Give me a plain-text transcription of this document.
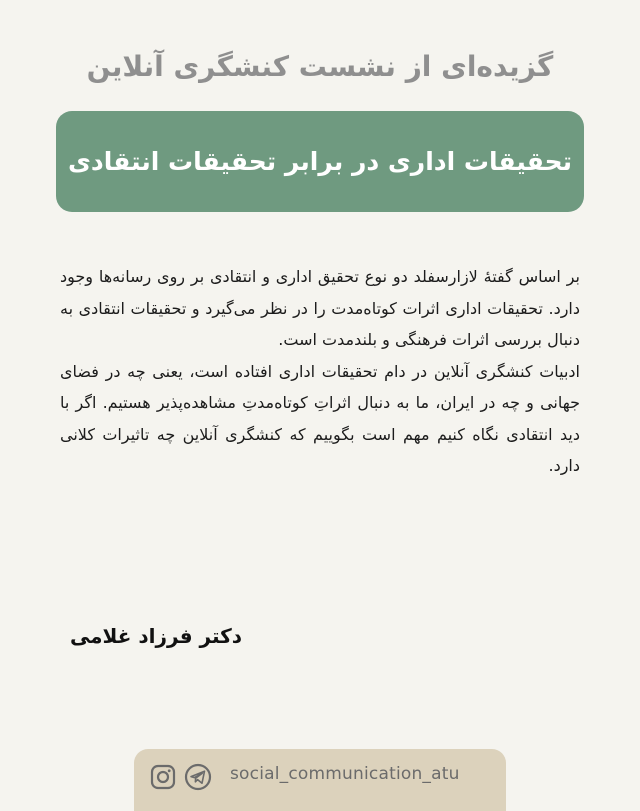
گزیده‌ای از نشست کنشگری آنلاین
تحقیقات اداری در برابر تحقیقات انتقادی

بر اساس گفتۀ لازارسفلد دو نوع تحقیق اداری و انتقادی بر روی رسانه‌ها وجود دارد. تحقیقات اداری اثرات کوتاه‌مدت را در نظر می‌گیرد و تحقیقات انتقادی به دنبال بررسی اثرات فرهنگی و بلندمدت است.

ادبیات کنشگری آنلاین در دام تحقیقات اداری افتاده است، یعنی چه در فضای جهانی و چه در ایران، ما به دنبال اثراتِ کوتاه‌مدتِ مشاهده‌پذیر هستیم. اگر با دید انتقادی نگاه کنیم مهم است بگوییم که کنشگری آنلاین چه تاثیرات کلانی دارد.

دکتر فرزاد غلامی
social_communication_atu
